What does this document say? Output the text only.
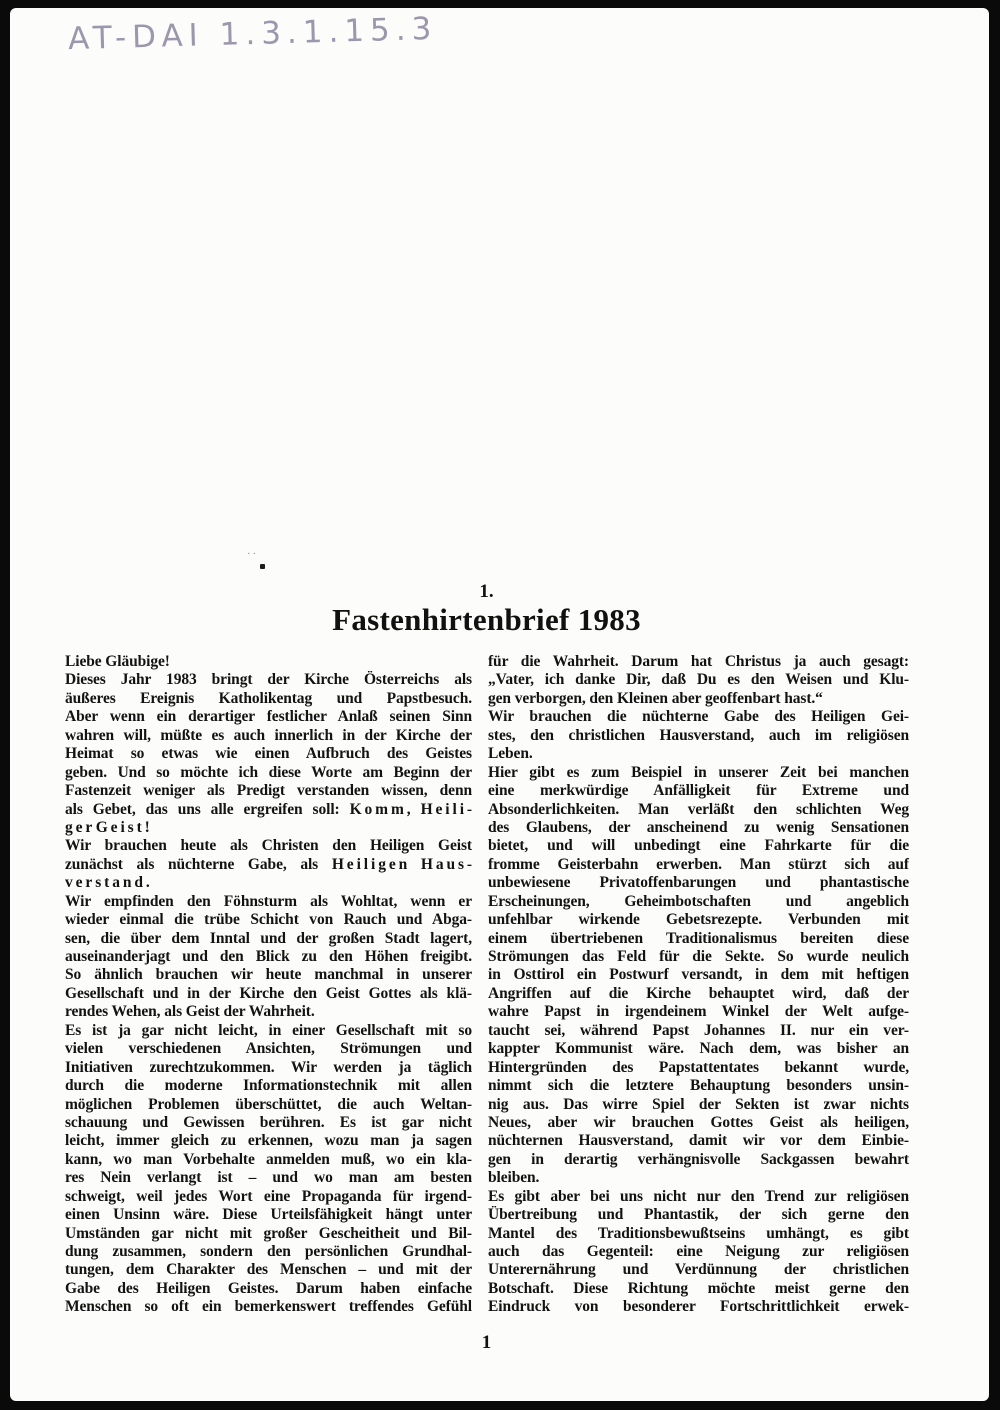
AT-DAI 1.3.1.15.3
··
1.
Fastenhirtenbrief 1983
Liebe Gläubige!
Dieses Jahr 1983 bringt der Kirche Österreichs als
äußeres Ereignis Katholikentag und Papstbesuch.
Aber wenn ein derartiger festlicher Anlaß seinen Sinn
wahren will, müßte es auch innerlich in der Kirche der
Heimat so etwas wie einen Aufbruch des Geistes
geben. Und so möchte ich diese Worte am Beginn der
Fastenzeit weniger als Predigt verstanden wissen, denn
als Gebet, das uns alle ergreifen soll: K o m m , H e i l i -
g e r G e i s t !
Wir brauchen heute als Christen den Heiligen Geist
zunächst als nüchterne Gabe, als H e i l i g e n H a u s -
v e r s t a n d .
Wir empfinden den Föhnsturm als Wohltat, wenn er
wieder einmal die trübe Schicht von Rauch und Abga-
sen, die über dem Inntal und der großen Stadt lagert,
auseinanderjagt und den Blick zu den Höhen freigibt.
So ähnlich brauchen wir heute manchmal in unserer
Gesellschaft und in der Kirche den Geist Gottes als klä-
rendes Wehen, als Geist der Wahrheit.
Es ist ja gar nicht leicht, in einer Gesellschaft mit so
vielen verschiedenen Ansichten, Strömungen und
Initiativen zurechtzukommen. Wir werden ja täglich
durch die moderne Informationstechnik mit allen
möglichen Problemen überschüttet, die auch Weltan-
schauung und Gewissen berühren. Es ist gar nicht
leicht, immer gleich zu erkennen, wozu man ja sagen
kann, wo man Vorbehalte anmelden muß, wo ein kla-
res Nein verlangt ist – und wo man am besten
schweigt, weil jedes Wort eine Propaganda für irgend-
einen Unsinn wäre. Diese Urteilsfähigkeit hängt unter
Umständen gar nicht mit großer Gescheitheit und Bil-
dung zusammen, sondern den persönlichen Grundhal-
tungen, dem Charakter des Menschen – und mit der
Gabe des Heiligen Geistes. Darum haben einfache
Menschen so oft ein bemerkenswert treffendes Gefühl
für die Wahrheit. Darum hat Christus ja auch gesagt:
„Vater, ich danke Dir, daß Du es den Weisen und Klu-
gen verborgen, den Kleinen aber geoffenbart hast.“
Wir brauchen die nüchterne Gabe des Heiligen Gei-
stes, den christlichen Hausverstand, auch im religiösen
Leben.
Hier gibt es zum Beispiel in unserer Zeit bei manchen
eine merkwürdige Anfälligkeit für Extreme und
Absonderlichkeiten. Man verläßt den schlichten Weg
des Glaubens, der anscheinend zu wenig Sensationen
bietet, und will unbedingt eine Fahrkarte für die
fromme Geisterbahn erwerben. Man stürzt sich auf
unbewiesene Privatoffenbarungen und phantastische
Erscheinungen, Geheimbotschaften und angeblich
unfehlbar wirkende Gebetsrezepte. Verbunden mit
einem übertriebenen Traditionalismus bereiten diese
Strömungen das Feld für die Sekte. So wurde neulich
in Osttirol ein Postwurf versandt, in dem mit heftigen
Angriffen auf die Kirche behauptet wird, daß der
wahre Papst in irgendeinem Winkel der Welt aufge-
taucht sei, während Papst Johannes II. nur ein ver-
kappter Kommunist wäre. Nach dem, was bisher an
Hintergründen des Papstattentates bekannt wurde,
nimmt sich die letztere Behauptung besonders unsin-
nig aus. Das wirre Spiel der Sekten ist zwar nichts
Neues, aber wir brauchen Gottes Geist als heiligen,
nüchternen Hausverstand, damit wir vor dem Einbie-
gen in derartig verhängnisvolle Sackgassen bewahrt
bleiben.
Es gibt aber bei uns nicht nur den Trend zur religiösen
Übertreibung und Phantastik, der sich gerne den
Mantel des Traditionsbewußtseins umhängt, es gibt
auch das Gegenteil: eine Neigung zur religiösen
Unterernährung und Verdünnung der christlichen
Botschaft. Diese Richtung möchte meist gerne den
Eindruck von besonderer Fortschrittlichkeit erwek-
1
